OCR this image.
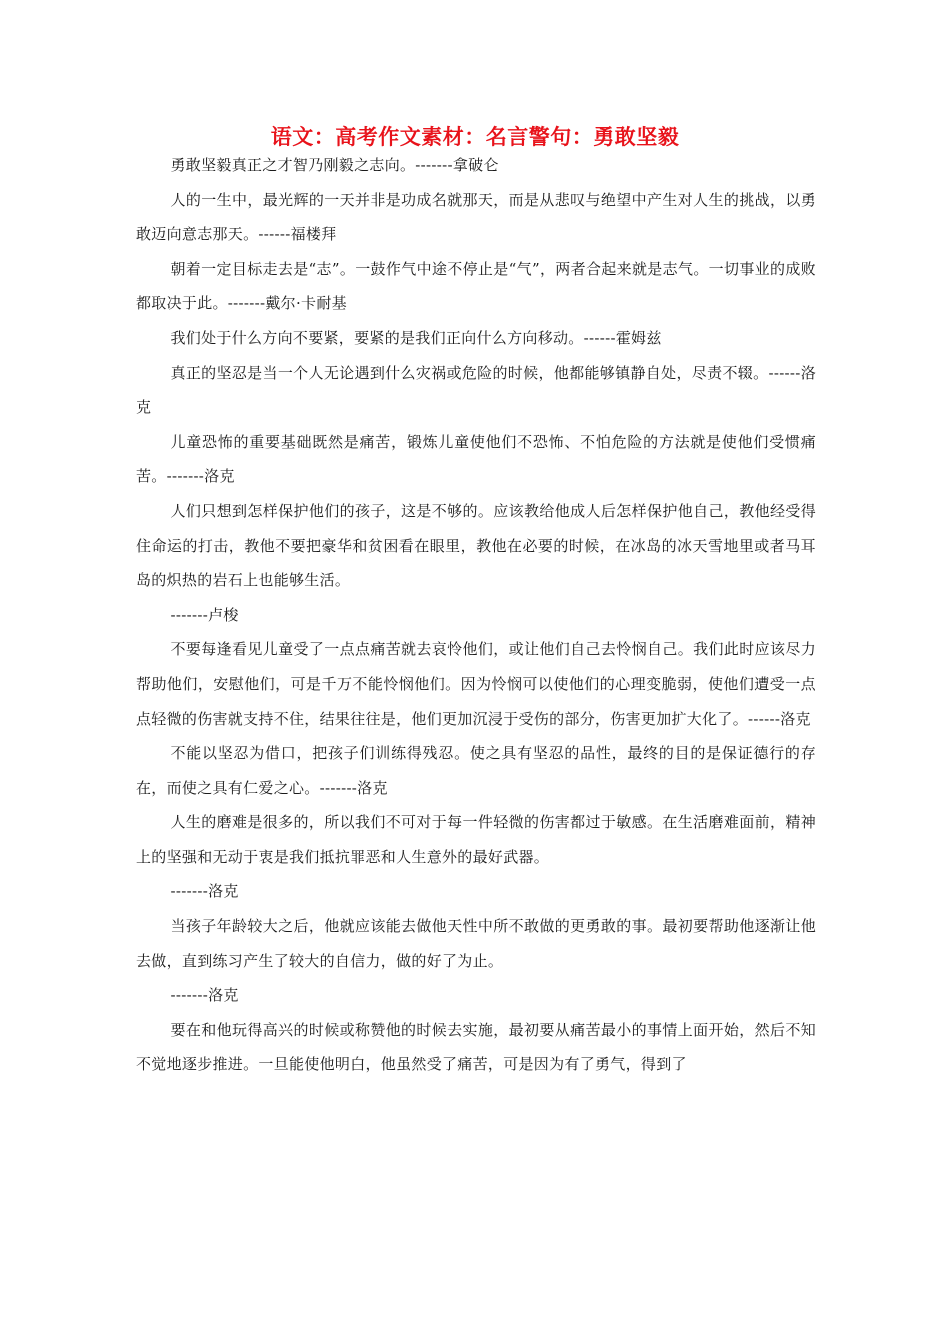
语文：高考作文素材：名言警句：勇敢坚毅

勇敢坚毅真正之才智乃刚毅之志向。-------拿破仑

人的一生中，最光辉的一天并非是功成名就那天，而是从悲叹与绝望中产生对人生的挑战，以勇敢迈向意志那天。------福楼拜

朝着一定目标走去是“志”。一鼓作气中途不停止是“气”，两者合起来就是志气。一切事业的成败都取决于此。-------戴尔·卡耐基

我们处于什么方向不要紧，要紧的是我们正向什么方向移动。------霍姆兹

真正的坚忍是当一个人无论遇到什么灾祸或危险的时候，他都能够镇静自处，尽责不辍。------洛克

儿童恐怖的重要基础既然是痛苦，锻炼儿童使他们不恐怖、不怕危险的方法就是使他们受惯痛苦。-------洛克

人们只想到怎样保护他们的孩子，这是不够的。应该教给他成人后怎样保护他自己，教他经受得住命运的打击，教他不要把豪华和贫困看在眼里，教他在必要的时候，在冰岛的冰天雪地里或者马耳岛的炽热的岩石上也能够生活。

-------卢梭

不要每逢看见儿童受了一点点痛苦就去哀怜他们，或让他们自己去怜悯自己。我们此时应该尽力帮助他们，安慰他们，可是千万不能怜悯他们。因为怜悯可以使他们的心理变脆弱，使他们遭受一点点轻微的伤害就支持不住，结果往往是，他们更加沉浸于受伤的部分，伤害更加扩大化了。------洛克

不能以坚忍为借口，把孩子们训练得残忍。使之具有坚忍的品性，最终的目的是保证德行的存在，而使之具有仁爱之心。-------洛克

人生的磨难是很多的，所以我们不可对于每一件轻微的伤害都过于敏感。在生活磨难面前，精神上的坚强和无动于衷是我们抵抗罪恶和人生意外的最好武器。

-------洛克

当孩子年龄较大之后，他就应该能去做他天性中所不敢做的更勇敢的事。最初要帮助他逐渐让他去做，直到练习产生了较大的自信力，做的好了为止。

-------洛克

要在和他玩得高兴的时候或称赞他的时候去实施，最初要从痛苦最小的事情上面开始，然后不知不觉地逐步推进。一旦能使他明白，他虽然受了痛苦，可是因为有了勇气，得到了
